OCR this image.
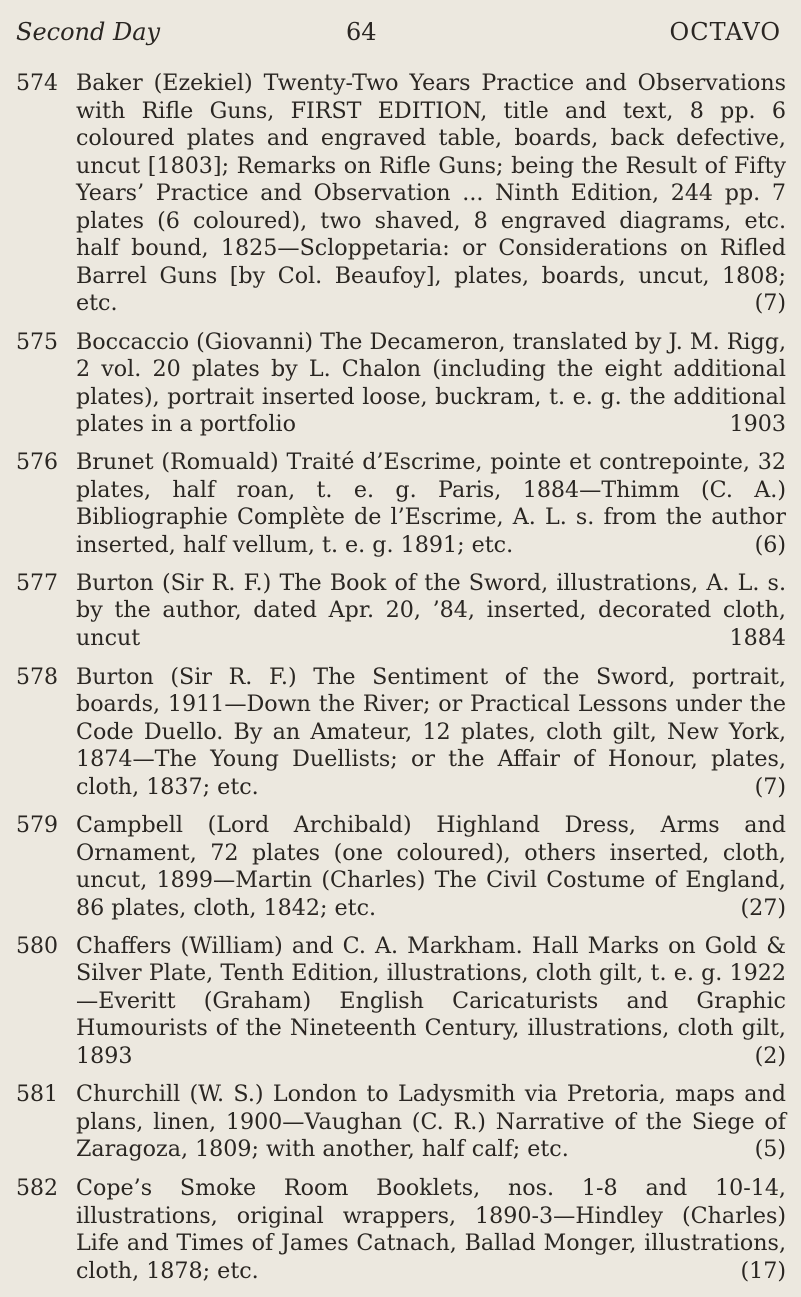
Second Day	64	OCTAVO
574 Baker (Ezekiel) Twenty-Two Years Practice and Observations with Rifle Guns, FIRST EDITION, title and text, 8 pp. 6 coloured plates and engraved table, boards, back defective, uncut [1803]; Remarks on Rifle Guns; being the Result of Fifty Years’ Practice and Observation ... Ninth Edition, 244 pp. 7 plates (6 coloured), two shaved, 8 engraved diagrams, etc. half bound, 1825—Scloppetaria: or Considerations on Rifled Barrel Guns [by Col. Beaufoy], plates, boards, uncut, 1808; etc.	(7)
575 Boccaccio (Giovanni) The Decameron, translated by J. M. Rigg, 2 vol. 20 plates by L. Chalon (including the eight additional plates), portrait inserted loose, buckram, t. e. g. the additional plates in a portfolio	1903
576 Brunet (Romuald) Traité d’Escrime, pointe et contrepointe, 32 plates, half roan, t. e. g. Paris, 1884—Thimm (C. A.) Bibliographie Complète de l’Escrime, A. L. s. from the author inserted, half vellum, t. e. g. 1891; etc.	(6)
577 Burton (Sir R. F.) The Book of the Sword, illustrations, A. L. s. by the author, dated Apr. 20, ’84, inserted, decorated cloth, uncut	1884
578 Burton (Sir R. F.) The Sentiment of the Sword, portrait, boards, 1911—Down the River; or Practical Lessons under the Code Duello. By an Amateur, 12 plates, cloth gilt, New York, 1874—The Young Duellists; or the Affair of Honour, plates, cloth, 1837; etc.	(7)
579 Campbell (Lord Archibald) Highland Dress, Arms and Ornament, 72 plates (one coloured), others inserted, cloth, uncut, 1899—Martin (Charles) The Civil Costume of England, 86 plates, cloth, 1842; etc.	(27)
580 Chaffers (William) and C. A. Markham. Hall Marks on Gold & Silver Plate, Tenth Edition, illustrations, cloth gilt, t. e. g. 1922—Everitt (Graham) English Caricaturists and Graphic Humourists of the Nineteenth Century, illustrations, cloth gilt, 1893	(2)
581 Churchill (W. S.) London to Ladysmith via Pretoria, maps and plans, linen, 1900—Vaughan (C. R.) Narrative of the Siege of Zaragoza, 1809; with another, half calf; etc.	(5)
582 Cope’s Smoke Room Booklets, nos. 1-8 and 10-14, illustrations, original wrappers, 1890-3—Hindley (Charles) Life and Times of James Catnach, Ballad Monger, illustrations, cloth, 1878; etc.	(17)
